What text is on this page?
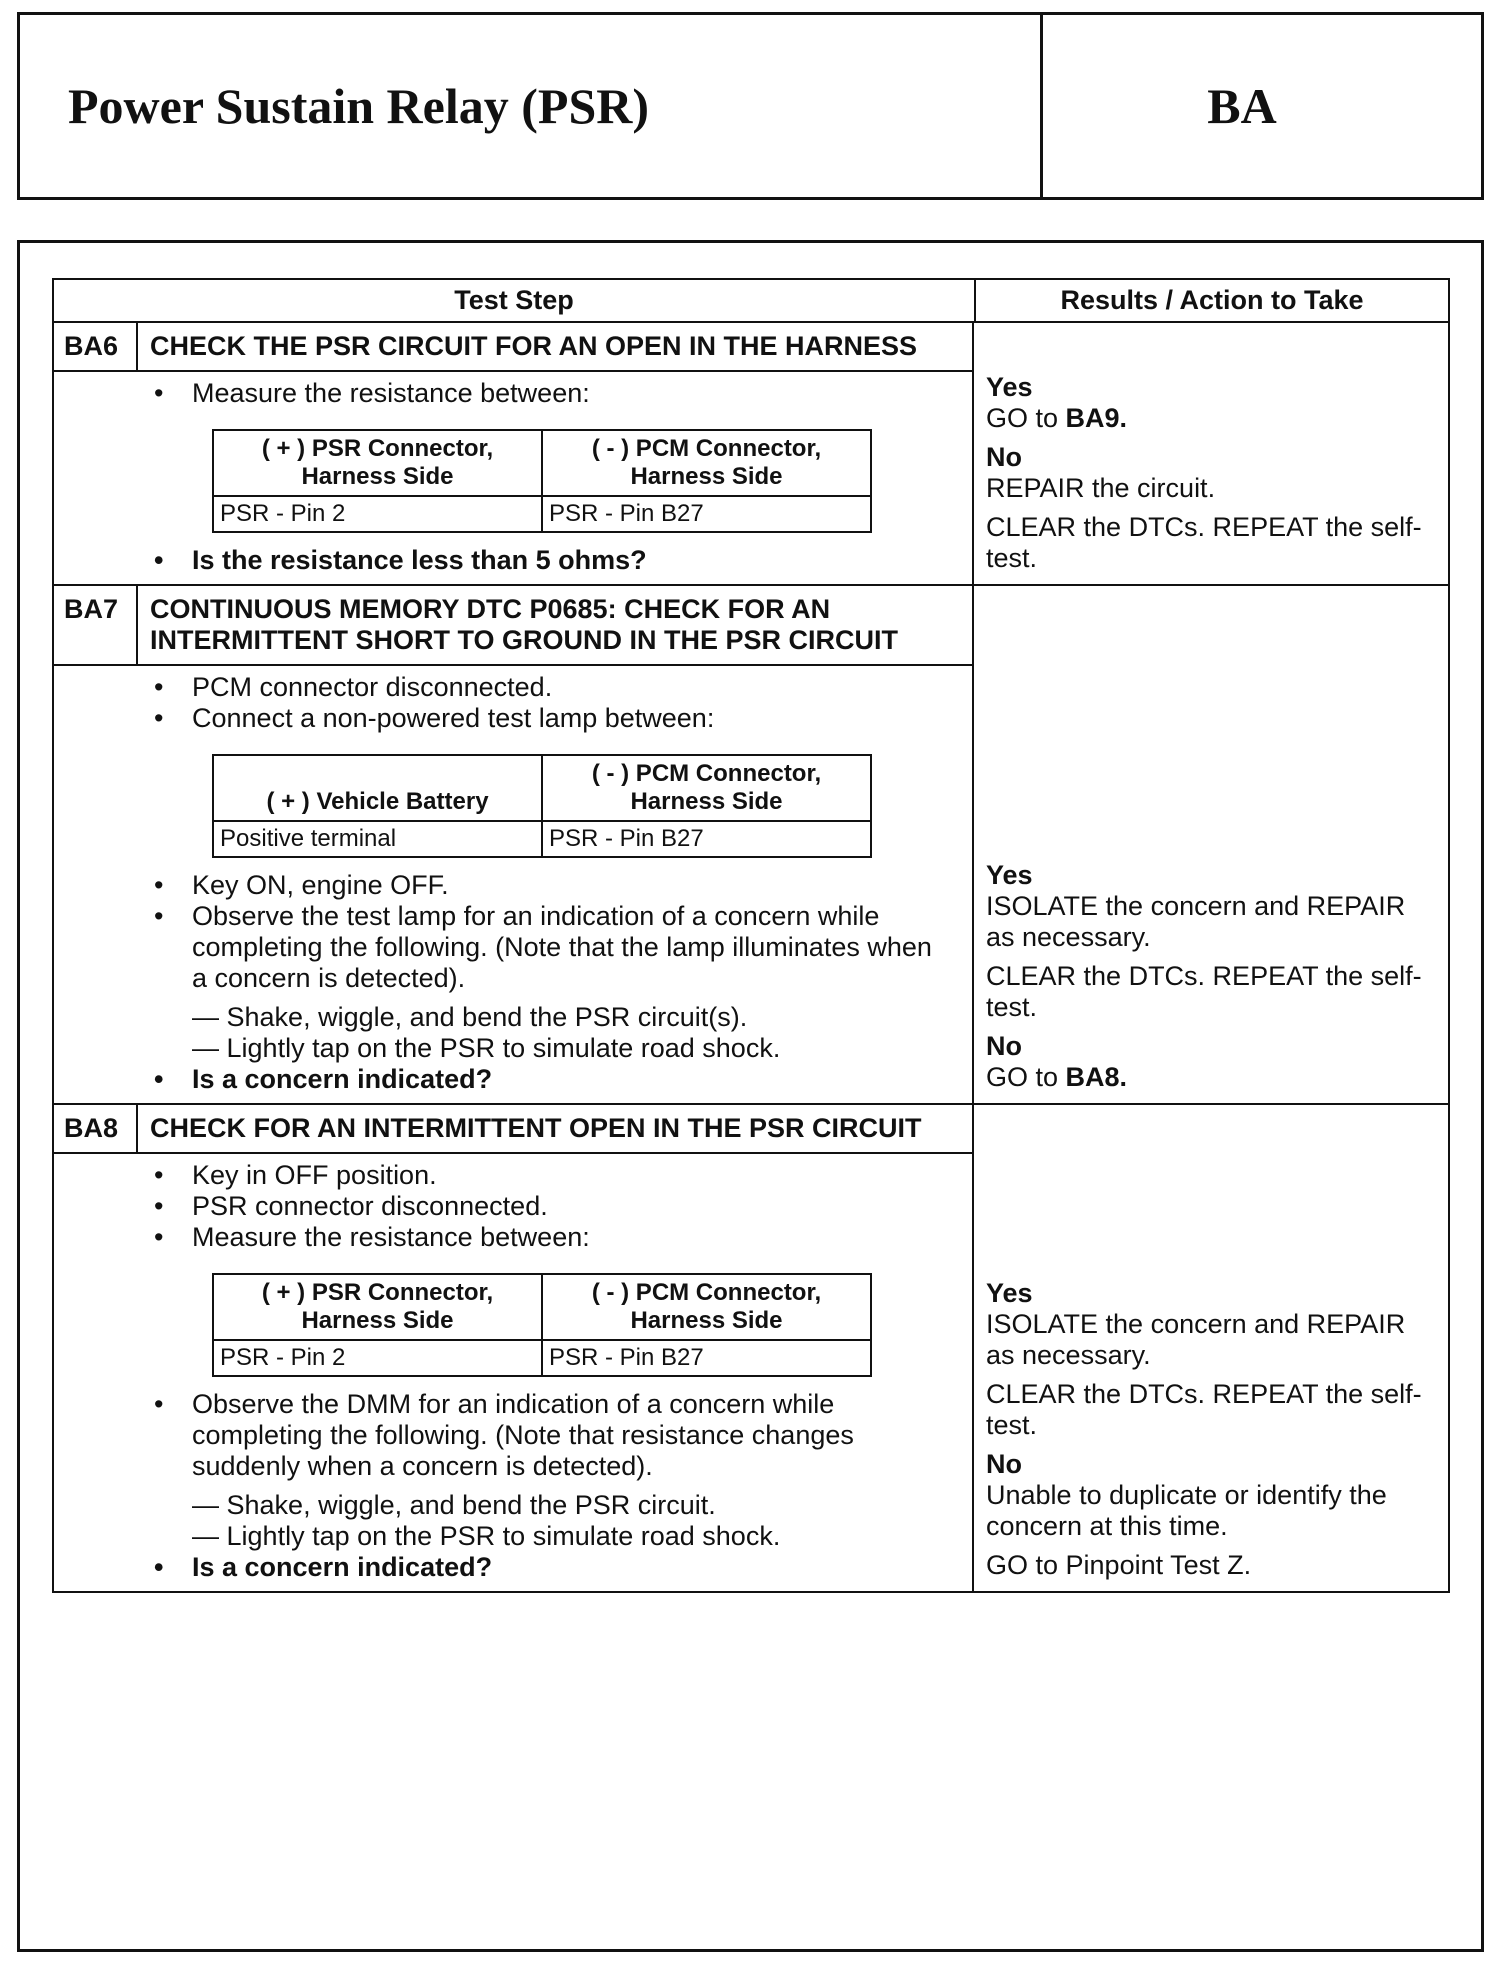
Power Sustain Relay (PSR)	BA
Test Step	Results / Action to Take
BA6	CHECK THE PSR CIRCUIT FOR AN OPEN IN THE HARNESS
• Measure the resistance between:
( + ) PSR Connector, Harness Side	( - ) PCM Connector, Harness Side
PSR - Pin 2	PSR - Pin B27
• Is the resistance less than 5 ohms?
Yes
GO to BA9.
No
REPAIR the circuit.
CLEAR the DTCs. REPEAT the self-test.
BA7	CONTINUOUS MEMORY DTC P0685: CHECK FOR AN INTERMITTENT SHORT TO GROUND IN THE PSR CIRCUIT
• PCM connector disconnected.
• Connect a non-powered test lamp between:
( + ) Vehicle Battery	( - ) PCM Connector, Harness Side
Positive terminal	PSR - Pin B27
• Key ON, engine OFF.
• Observe the test lamp for an indication of a concern while completing the following. (Note that the lamp illuminates when a concern is detected).
— Shake, wiggle, and bend the PSR circuit(s).
— Lightly tap on the PSR to simulate road shock.
• Is a concern indicated?
Yes
ISOLATE the concern and REPAIR as necessary.
CLEAR the DTCs. REPEAT the self-test.
No
GO to BA8.
BA8	CHECK FOR AN INTERMITTENT OPEN IN THE PSR CIRCUIT
• Key in OFF position.
• PSR connector disconnected.
• Measure the resistance between:
( + ) PSR Connector, Harness Side	( - ) PCM Connector, Harness Side
PSR - Pin 2	PSR - Pin B27
• Observe the DMM for an indication of a concern while completing the following. (Note that resistance changes suddenly when a concern is detected).
— Shake, wiggle, and bend the PSR circuit.
— Lightly tap on the PSR to simulate road shock.
• Is a concern indicated?
Yes
ISOLATE the concern and REPAIR as necessary.
CLEAR the DTCs. REPEAT the self-test.
No
Unable to duplicate or identify the concern at this time.
GO to Pinpoint Test Z.
